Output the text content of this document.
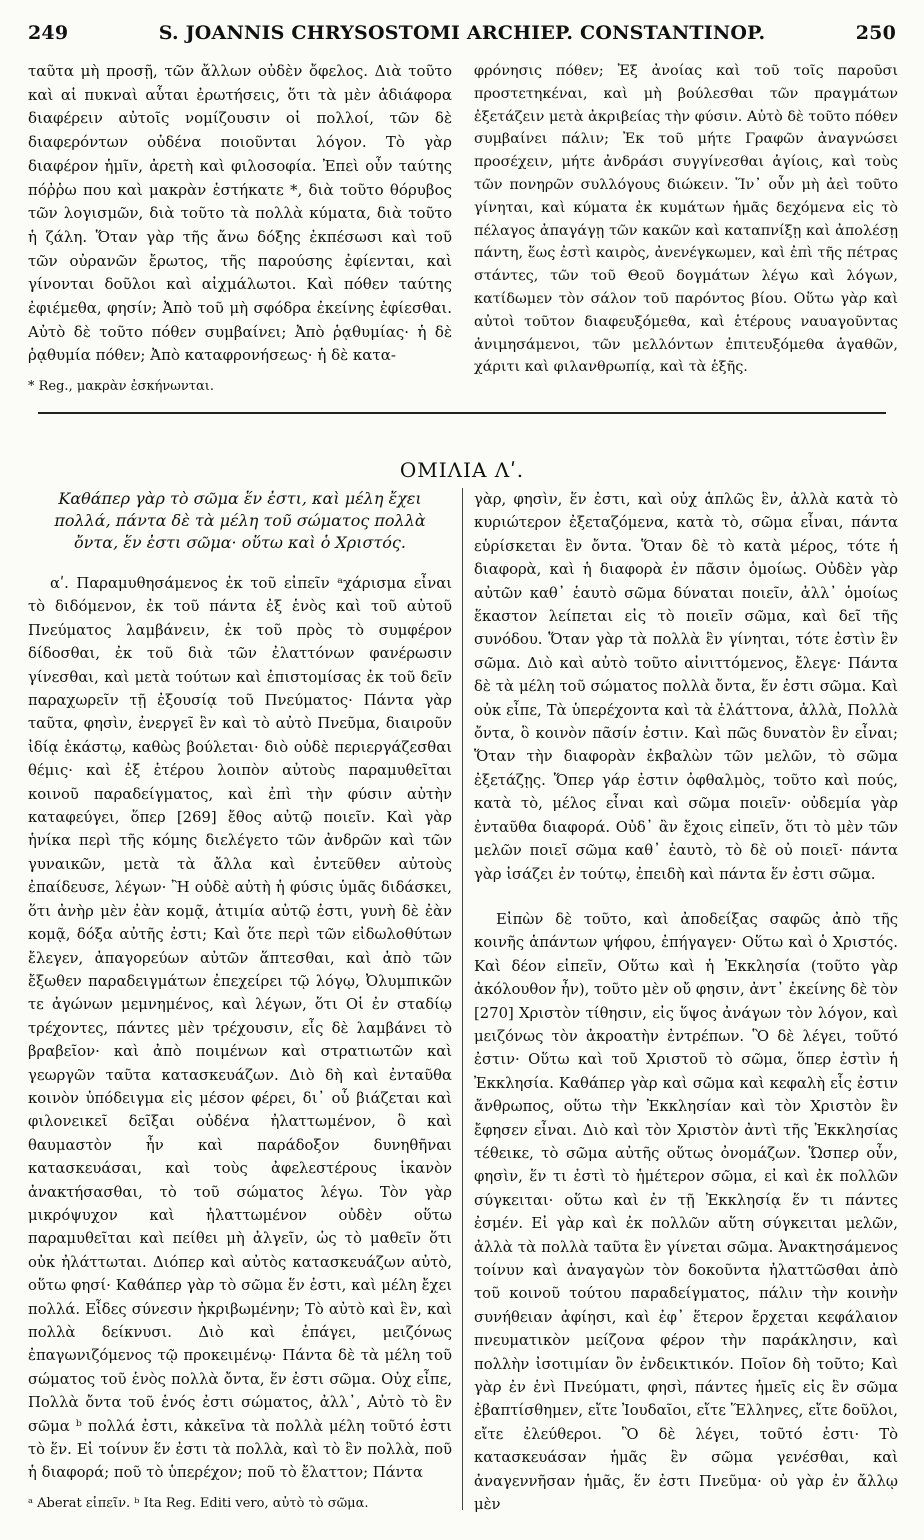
249	S. JOANNIS CHRYSOSTOMI ARCHIEP. CONSTANTINOP.	250

ταῦτα μὴ προσῇ, τῶν ἄλλων οὐδὲν ὄφελος. Διὰ τοῦτο καὶ αἱ πυκναὶ αὗται ἐρωτήσεις, ὅτι τὰ μὲν ἀδιάφορα διαφέρειν αὐτοῖς νομίζουσιν οἱ πολλοί, τῶν δὲ διαφερόντων οὐδένα ποιοῦνται λόγον. Τὸ γὰρ διαφέρον ἡμῖν, ἀρετὴ καὶ φιλοσοφία. Ἐπεὶ οὖν ταύτης πόῤῥω που καὶ μακρὰν ἑστήκατε *, διὰ τοῦτο θόρυβος τῶν λογισμῶν, διὰ τοῦτο τὰ πολλὰ κύματα, διὰ τοῦτο ἡ ζάλη. Ὅταν γὰρ τῆς ἄνω δόξης ἐκπέσωσι καὶ τοῦ τῶν οὐρανῶν ἔρωτος, τῆς παρούσης ἐφίενται, καὶ γίνονται δοῦλοι καὶ αἰχμάλωτοι. Καὶ πόθεν ταύτης ἐφιέμεθα, φησίν; Ἀπὸ τοῦ μὴ σφόδρα ἐκείνης ἐφίεσθαι. Αὐτὸ δὲ τοῦτο πόθεν συμβαίνει; Ἀπὸ ῥᾳθυμίας· ἡ δὲ ῥᾳθυμία πόθεν; Ἀπὸ καταφρονήσεως· ἡ δὲ κατα-

* Reg., μακρὰν ἐσκήνωνται.

φρόνησις πόθεν; Ἐξ ἀνοίας καὶ τοῦ τοῖς παροῦσι προστετηκέναι, καὶ μὴ βούλεσθαι τῶν πραγμάτων ἐξετάζειν μετὰ ἀκριβείας τὴν φύσιν. Αὐτὸ δὲ τοῦτο πόθεν συμβαίνει πάλιν; Ἐκ τοῦ μήτε Γραφῶν ἀναγνώσει προσέχειν, μήτε ἀνδράσι συγγίνεσθαι ἁγίοις, καὶ τοὺς τῶν πονηρῶν συλλόγους διώκειν. Ἵν᾽ οὖν μὴ ἀεὶ τοῦτο γίνηται, καὶ κύματα ἐκ κυμάτων ἡμᾶς δεχόμενα εἰς τὸ πέλαγος ἀπαγάγῃ τῶν κακῶν καὶ καταπνίξῃ καὶ ἀπολέσῃ πάντη, ἕως ἐστὶ καιρὸς, ἀνενέγκωμεν, καὶ ἐπὶ τῆς πέτρας στάντες, τῶν τοῦ Θεοῦ δογμάτων λέγω καὶ λόγων, κατίδωμεν τὸν σάλον τοῦ παρόντος βίου. Οὕτω γὰρ καὶ αὐτοὶ τοῦτον διαφευξόμεθα, καὶ ἑτέρους ναυαγοῦντας ἀνιμησάμενοι, τῶν μελλόντων ἐπιτευξόμεθα ἀγαθῶν, χάριτι καὶ φιλανθρωπίᾳ, καὶ τὰ ἑξῆς.

ΟΜΙΛΙΑ Λʹ.

Καθάπερ γὰρ τὸ σῶμα ἕν ἐστι, καὶ μέλη ἔχει πολλά, πάντα δὲ τὰ μέλη τοῦ σώματος πολλὰ ὄντα, ἕν ἐστι σῶμα· οὕτω καὶ ὁ Χριστός.

αʹ. Παραμυθησάμενος ἐκ τοῦ εἰπεῖν ᵃχάρισμα εἶναι τὸ διδόμενον, ἐκ τοῦ πάντα ἐξ ἑνὸς καὶ τοῦ αὐτοῦ Πνεύματος λαμβάνειν, ἐκ τοῦ πρὸς τὸ συμφέρον δίδοσθαι, ἐκ τοῦ διὰ τῶν ἐλαττόνων φανέρωσιν γίνεσθαι, καὶ μετὰ τούτων καὶ ἐπιστομίσας ἐκ τοῦ δεῖν παραχωρεῖν τῇ ἐξουσίᾳ τοῦ Πνεύματος· Πάντα γὰρ ταῦτα, φησὶν, ἐνεργεῖ ἓν καὶ τὸ αὐτὸ Πνεῦμα, διαιροῦν ἰδίᾳ ἑκάστῳ, καθὼς βούλεται· διὸ οὐδὲ περιεργάζεσθαι θέμις· καὶ ἐξ ἑτέρου λοιπὸν αὐτοὺς παραμυθεῖται κοινοῦ παραδείγματος, καὶ ἐπὶ τὴν φύσιν αὐτὴν καταφεύγει, ὅπερ [269] ἔθος αὐτῷ ποιεῖν. Καὶ γὰρ ἡνίκα περὶ τῆς κόμης διελέγετο τῶν ἀνδρῶν καὶ τῶν γυναικῶν, μετὰ τὰ ἄλλα καὶ ἐντεῦθεν αὐτοὺς ἐπαίδευσε, λέγων· Ἢ οὐδὲ αὐτὴ ἡ φύσις ὑμᾶς διδάσκει, ὅτι ἀνὴρ μὲν ἐὰν κομᾷ, ἀτιμία αὐτῷ ἐστι, γυνὴ δὲ ἐὰν κομᾷ, δόξα αὐτῆς ἐστι; Καὶ ὅτε περὶ τῶν εἰδωλοθύτων ἔλεγεν, ἀπαγορεύων αὐτῶν ἅπτεσθαι, καὶ ἀπὸ τῶν ἔξωθεν παραδειγμάτων ἐπεχείρει τῷ λόγῳ, Ὀλυμπικῶν τε ἀγώνων μεμνημένος, καὶ λέγων, ὅτι Οἱ ἐν σταδίῳ τρέχοντες, πάντες μὲν τρέχουσιν, εἷς δὲ λαμβάνει τὸ βραβεῖον· καὶ ἀπὸ ποιμένων καὶ στρατιωτῶν καὶ γεωργῶν ταῦτα κατασκευάζων. Διὸ δὴ καὶ ἐνταῦθα κοινὸν ὑπόδειγμα εἰς μέσον φέρει, δι᾽ οὗ βιάζεται καὶ φιλονεικεῖ δεῖξαι οὐδένα ἠλαττωμένον, ὃ καὶ θαυμαστὸν ἦν καὶ παράδοξον δυνηθῆναι κατασκευάσαι, καὶ τοὺς ἀφελεστέρους ἱκανὸν ἀνακτήσασθαι, τὸ τοῦ σώματος λέγω. Τὸν γὰρ μικρόψυχον καὶ ἠλαττωμένον οὐδὲν οὕτω παραμυθεῖται καὶ πείθει μὴ ἀλγεῖν, ὡς τὸ μαθεῖν ὅτι οὐκ ἠλάττωται. Διόπερ καὶ αὐτὸς κατασκευάζων αὐτὸ, οὕτω φησί· Καθάπερ γὰρ τὸ σῶμα ἕν ἐστι, καὶ μέλη ἔχει πολλά. Εἶδες σύνεσιν ἠκριβωμένην; Τὸ αὐτὸ καὶ ἓν, καὶ πολλὰ δείκνυσι. Διὸ καὶ ἐπάγει, μειζόνως ἐπαγωνιζόμενος τῷ προκειμένῳ· Πάντα δὲ τὰ μέλη τοῦ σώματος τοῦ ἑνὸς πολλὰ ὄντα, ἕν ἐστι σῶμα. Οὐχ εἶπε, Πολλὰ ὄντα τοῦ ἑνός ἐστι σώματος, ἀλλ᾽, Αὐτὸ τὸ ἓν σῶμα ᵇ πολλά ἐστι, κἀκεῖνα τὰ πολλὰ μέλη τοῦτό ἐστι τὸ ἕν. Εἰ τοίνυν ἕν ἐστι τὰ πολλὰ, καὶ τὸ ἓν πολλὰ, ποῦ ἡ διαφορά; ποῦ τὸ ὑπερέχον; ποῦ τὸ ἔλαττον; Πάντα

ᵃ Aberat εἰπεῖν. ᵇ Ita Reg. Editi vero, αὐτὸ τὸ σῶμα.

γὰρ, φησὶν, ἕν ἐστι, καὶ οὐχ ἁπλῶς ἓν, ἀλλὰ κατὰ τὸ κυριώτερον ἐξεταζόμενα, κατὰ τὸ, σῶμα εἶναι, πάντα εὑρίσκεται ἓν ὄντα. Ὅταν δὲ τὸ κατὰ μέρος, τότε ἡ διαφορὰ, καὶ ἡ διαφορὰ ἐν πᾶσιν ὁμοίως. Οὐδὲν γὰρ αὐτῶν καθ᾽ ἑαυτὸ σῶμα δύναται ποιεῖν, ἀλλ᾽ ὁμοίως ἕκαστον λείπεται εἰς τὸ ποιεῖν σῶμα, καὶ δεῖ τῆς συνόδου. Ὅταν γὰρ τὰ πολλὰ ἓν γίνηται, τότε ἐστὶν ἓν σῶμα. Διὸ καὶ αὐτὸ τοῦτο αἰνιττόμενος, ἔλεγε· Πάντα δὲ τὰ μέλη τοῦ σώματος πολλὰ ὄντα, ἕν ἐστι σῶμα. Καὶ οὐκ εἶπε, Τὰ ὑπερέχοντα καὶ τὰ ἐλάττονα, ἀλλὰ, Πολλὰ ὄντα, ὃ κοινὸν πᾶσίν ἐστιν. Καὶ πῶς δυνατὸν ἓν εἶναι; Ὅταν τὴν διαφορὰν ἐκβαλὼν τῶν μελῶν, τὸ σῶμα ἐξετάζῃς. Ὅπερ γάρ ἐστιν ὀφθαλμὸς, τοῦτο καὶ πούς, κατὰ τὸ, μέλος εἶναι καὶ σῶμα ποιεῖν· οὐδεμία γὰρ ἐνταῦθα διαφορά. Οὐδ᾽ ἂν ἔχοις εἰπεῖν, ὅτι τὸ μὲν τῶν μελῶν ποιεῖ σῶμα καθ᾽ ἑαυτὸ, τὸ δὲ οὐ ποιεῖ· πάντα γὰρ ἰσάζει ἐν τούτῳ, ἐπειδὴ καὶ πάντα ἕν ἐστι σῶμα.

Εἰπὼν δὲ τοῦτο, καὶ ἀποδείξας σαφῶς ἀπὸ τῆς κοινῆς ἁπάντων ψήφου, ἐπήγαγεν· Οὕτω καὶ ὁ Χριστός. Καὶ δέον εἰπεῖν, Οὕτω καὶ ἡ Ἐκκλησία (τοῦτο γὰρ ἀκόλουθον ἦν), τοῦτο μὲν οὔ φησιν, ἀντ᾽ ἐκείνης δὲ τὸν [270] Χριστὸν τίθησιν, εἰς ὕψος ἀνάγων τὸν λόγον, καὶ μειζόνως τὸν ἀκροατὴν ἐντρέπων. Ὃ δὲ λέγει, τοῦτό ἐστιν· Οὕτω καὶ τοῦ Χριστοῦ τὸ σῶμα, ὅπερ ἐστὶν ἡ Ἐκκλησία. Καθάπερ γὰρ καὶ σῶμα καὶ κεφαλὴ εἷς ἐστιν ἄνθρωπος, οὕτω τὴν Ἐκκλησίαν καὶ τὸν Χριστὸν ἓν ἔφησεν εἶναι. Διὸ καὶ τὸν Χριστὸν ἀντὶ τῆς Ἐκκλησίας τέθεικε, τὸ σῶμα αὐτῆς οὕτως ὀνομάζων. Ὥσπερ οὖν, φησὶν, ἕν τι ἐστὶ τὸ ἡμέτερον σῶμα, εἰ καὶ ἐκ πολλῶν σύγκειται· οὕτω καὶ ἐν τῇ Ἐκκλησίᾳ ἕν τι πάντες ἐσμέν. Εἰ γὰρ καὶ ἐκ πολλῶν αὕτη σύγκειται μελῶν, ἀλλὰ τὰ πολλὰ ταῦτα ἓν γίνεται σῶμα. Ἀνακτησάμενος τοίνυν καὶ ἀναγαγὼν τὸν δοκοῦντα ἠλαττῶσθαι ἀπὸ τοῦ κοινοῦ τούτου παραδείγματος, πάλιν τὴν κοινὴν συνήθειαν ἀφίησι, καὶ ἐφ᾽ ἕτερον ἔρχεται κεφάλαιον πνευματικὸν μείζονα φέρον τὴν παράκλησιν, καὶ πολλὴν ἰσοτιμίαν ὂν ἐνδεικτικόν. Ποῖον δὴ τοῦτο; Καὶ γὰρ ἐν ἑνὶ Πνεύματι, φησὶ, πάντες ἡμεῖς εἰς ἓν σῶμα ἐβαπτίσθημεν, εἴτε Ἰουδαῖοι, εἴτε Ἕλληνες, εἴτε δοῦλοι, εἴτε ἐλεύθεροι. Ὃ δὲ λέγει, τοῦτό ἐστι· Τὸ κατασκευάσαν ἡμᾶς ἓν σῶμα γενέσθαι, καὶ ἀναγεννῆσαν ἡμᾶς, ἕν ἐστι Πνεῦμα· οὐ γὰρ ἐν ἄλλῳ μὲν
